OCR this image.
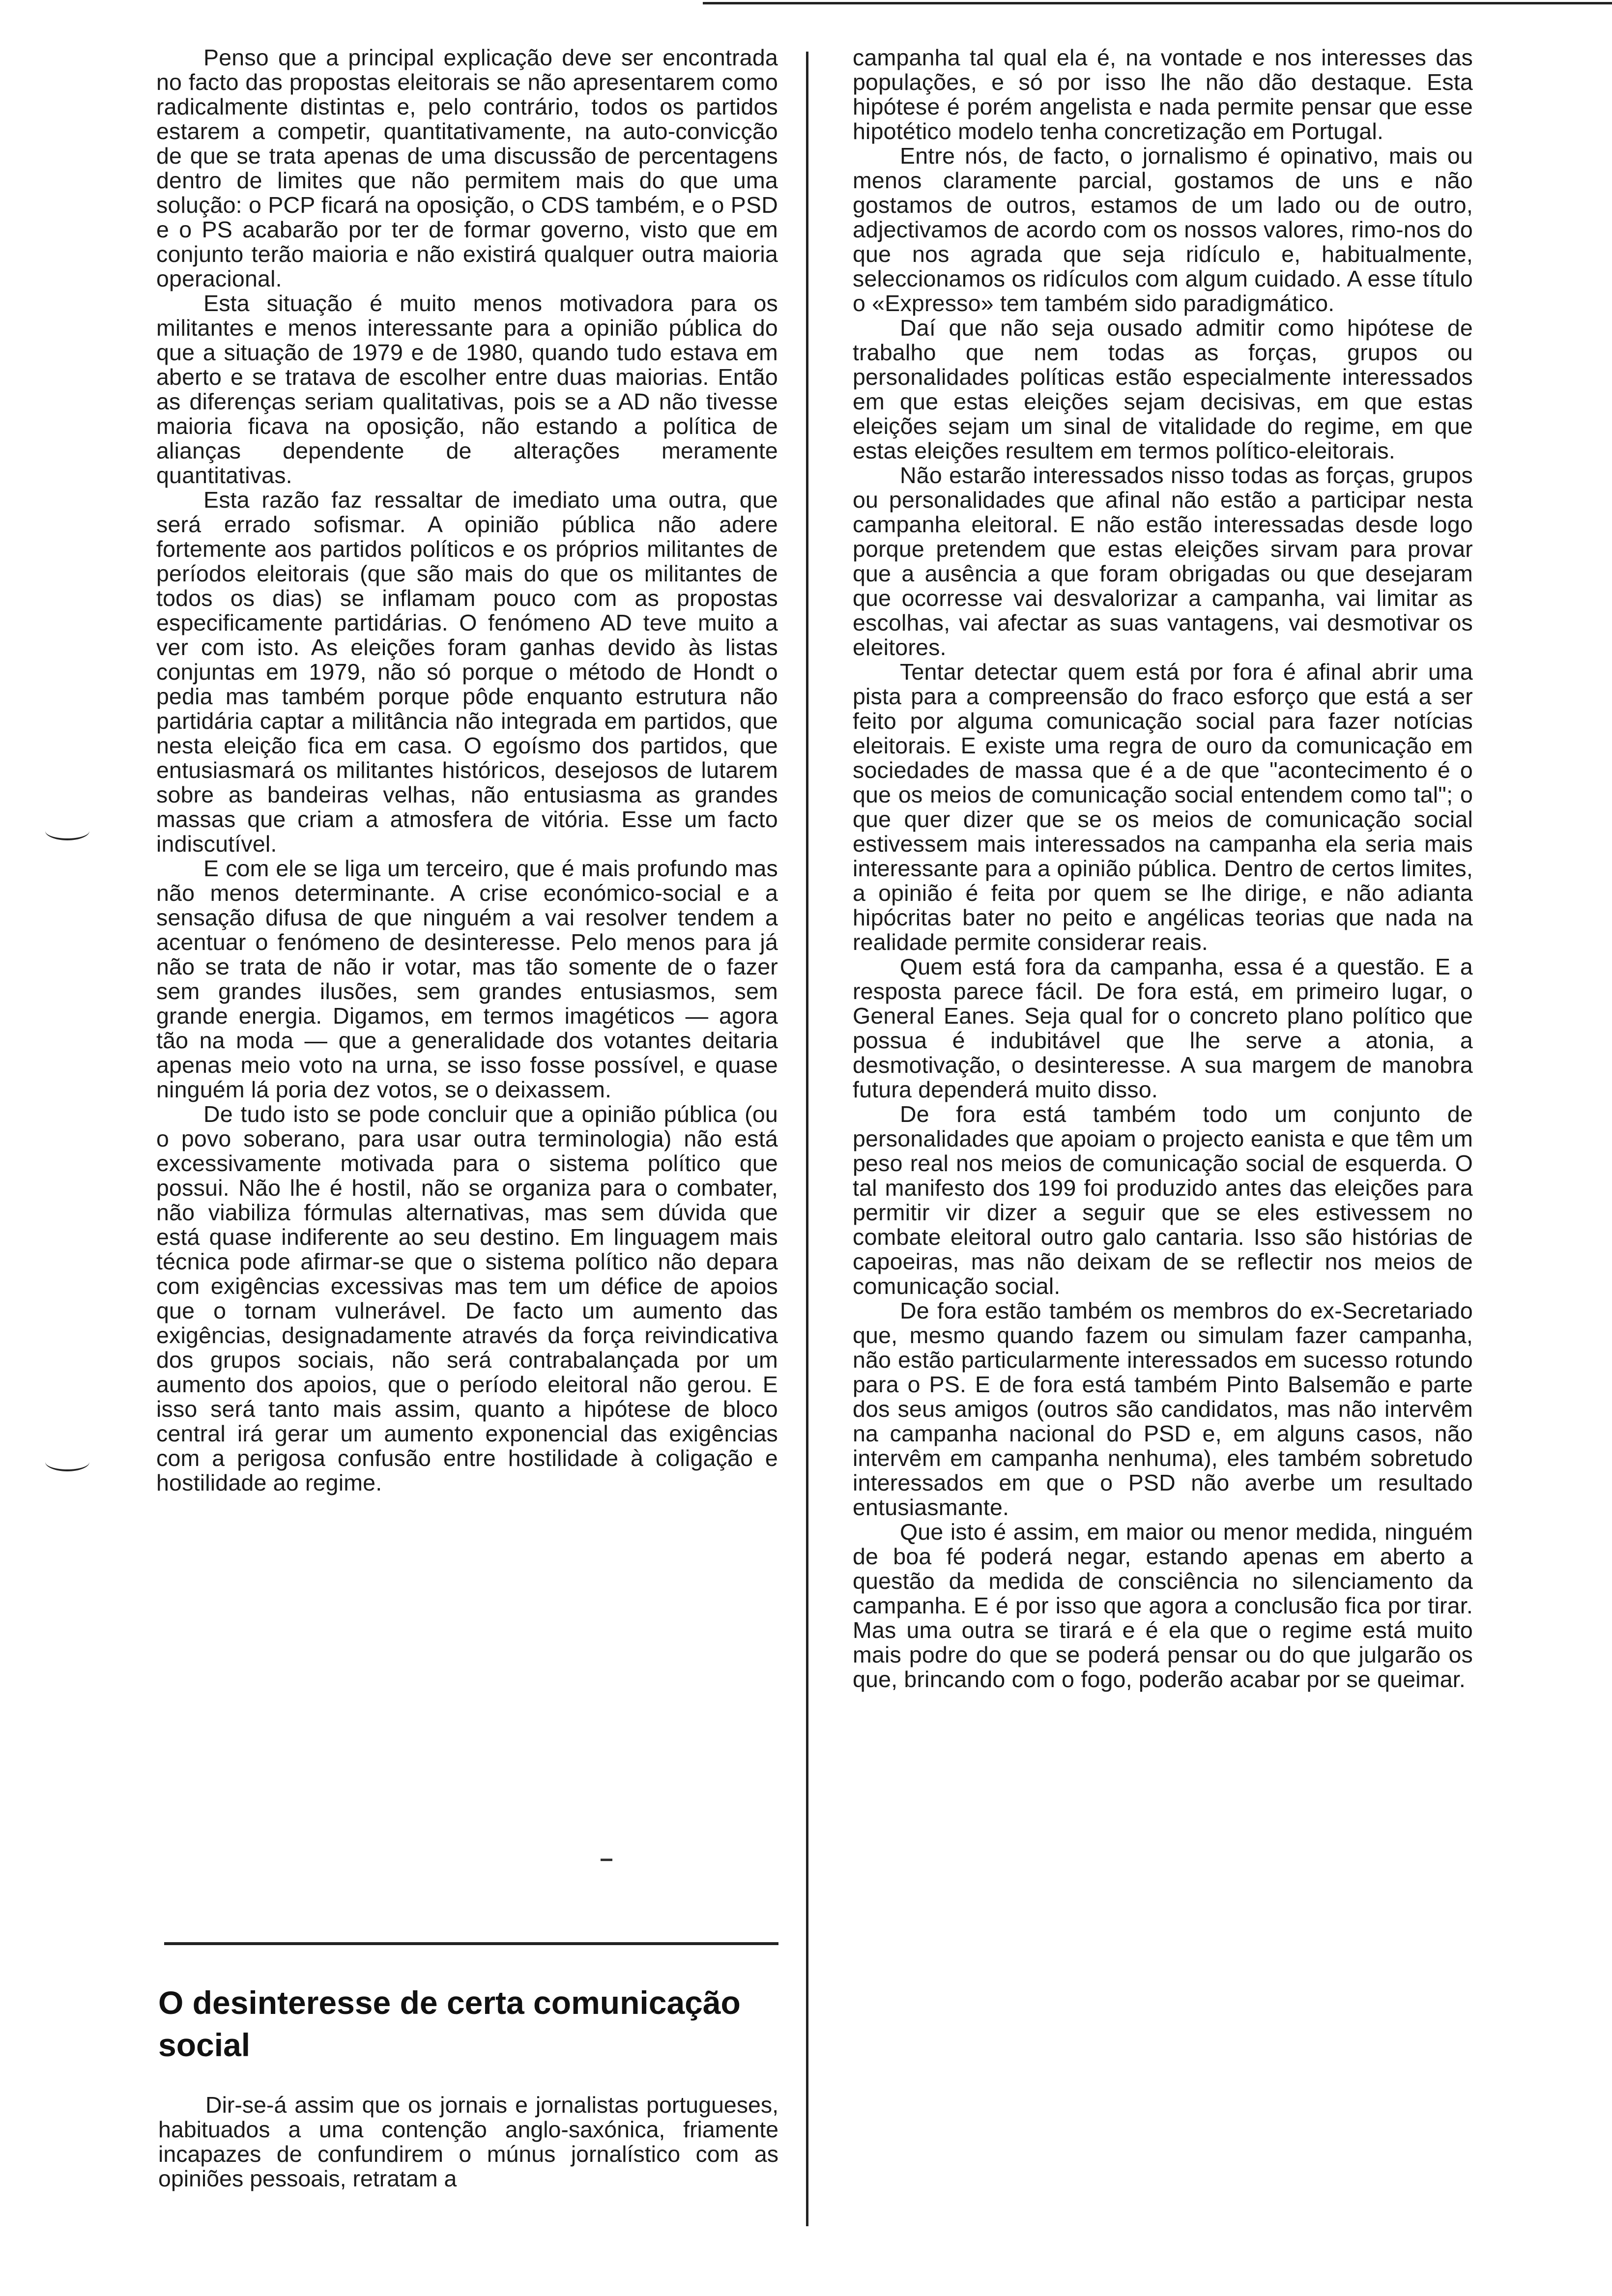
Penso que a principal explicação deve ser encontrada no facto das propostas eleitorais se não apresentarem como radicalmente distintas e, pelo contrário, todos os partidos estarem a competir, quantitativamente, na auto-convicção de que se trata apenas de uma discussão de percentagens dentro de limites que não permitem mais do que uma solução: o PCP ficará na oposição, o CDS também, e o PSD e o PS acabarão por ter de formar governo, visto que em conjunto terão maioria e não existirá qualquer outra maioria operacional.

Esta situação é muito menos motivadora para os militantes e menos interessante para a opinião pública do que a situação de 1979 e de 1980, quando tudo estava em aberto e se tratava de escolher entre duas maiorias. Então as diferenças seriam qualitativas, pois se a AD não tivesse maioria ficava na oposição, não estando a política de alianças dependente de alterações meramente quantitativas.

Esta razão faz ressaltar de imediato uma outra, que será errado sofismar. A opinião pública não adere fortemente aos partidos políticos e os próprios militantes de períodos eleitorais (que são mais do que os militantes de todos os dias) se inflamam pouco com as propostas especificamente partidárias. O fenómeno AD teve muito a ver com isto. As eleições foram ganhas devido às listas conjuntas em 1979, não só porque o método de Hondt o pedia mas também porque pôde enquanto estrutura não partidária captar a militância não integrada em partidos, que nesta eleição fica em casa. O egoísmo dos partidos, que entusiasmará os militantes históricos, desejosos de lutarem sobre as bandeiras velhas, não entusiasma as grandes massas que criam a atmosfera de vitória. Esse um facto indiscutível.

E com ele se liga um terceiro, que é mais profundo mas não menos determinante. A crise económico-social e a sensação difusa de que ninguém a vai resolver tendem a acentuar o fenómeno de desinteresse. Pelo menos para já não se trata de não ir votar, mas tão somente de o fazer sem grandes ilusões, sem grandes entusiasmos, sem grande energia. Digamos, em termos imagéticos — agora tão na moda — que a generalidade dos votantes deitaria apenas meio voto na urna, se isso fosse possível, e quase ninguém lá poria dez votos, se o deixassem.

De tudo isto se pode concluir que a opinião pública (ou o povo soberano, para usar outra terminologia) não está excessivamente motivada para o sistema político que possui. Não lhe é hostil, não se organiza para o combater, não viabiliza fórmulas alternativas, mas sem dúvida que está quase indiferente ao seu destino. Em linguagem mais técnica pode afirmar-se que o sistema político não depara com exigências excessivas mas tem um défice de apoios que o tornam vulnerável. De facto um aumento das exigências, designadamente através da força reivindicativa dos grupos sociais, não será contrabalançada por um aumento dos apoios, que o período eleitoral não gerou. E isso será tanto mais assim, quanto a hipótese de bloco central irá gerar um aumento exponencial das exigências com a perigosa confusão entre hostilidade à coligação e hostilidade ao regime.

O desinteresse de certa comunicação social

Dir-se-á assim que os jornais e jornalistas portugueses, habituados a uma contenção anglo-saxónica, friamente incapazes de confundirem o múnus jornalístico com as opiniões pessoais, retratam a

campanha tal qual ela é, na vontade e nos interesses das populações, e só por isso lhe não dão destaque. Esta hipótese é porém angelista e nada permite pensar que esse hipotético modelo tenha concretização em Portugal.

Entre nós, de facto, o jornalismo é opinativo, mais ou menos claramente parcial, gostamos de uns e não gostamos de outros, estamos de um lado ou de outro, adjectivamos de acordo com os nossos valores, rimo-nos do que nos agrada que seja ridículo e, habitualmente, seleccionamos os ridículos com algum cuidado. A esse título o «Expresso» tem também sido paradigmático.

Daí que não seja ousado admitir como hipótese de trabalho que nem todas as forças, grupos ou personalidades políticas estão especialmente interessados em que estas eleições sejam decisivas, em que estas eleições sejam um sinal de vitalidade do regime, em que estas eleições resultem em termos político-eleitorais.

Não estarão interessados nisso todas as forças, grupos ou personalidades que afinal não estão a participar nesta campanha eleitoral. E não estão interessadas desde logo porque pretendem que estas eleições sirvam para provar que a ausência a que foram obrigadas ou que desejaram que ocorresse vai desvalorizar a campanha, vai limitar as escolhas, vai afectar as suas vantagens, vai desmotivar os eleitores.

Tentar detectar quem está por fora é afinal abrir uma pista para a compreensão do fraco esforço que está a ser feito por alguma comunicação social para fazer notícias eleitorais. E existe uma regra de ouro da comunicação em sociedades de massa que é a de que "acontecimento é o que os meios de comunicação social entendem como tal"; o que quer dizer que se os meios de comunicação social estivessem mais interessados na campanha ela seria mais interessante para a opinião pública. Dentro de certos limites, a opinião é feita por quem se lhe dirige, e não adianta hipócritas bater no peito e angélicas teorias que nada na realidade permite considerar reais.

Quem está fora da campanha, essa é a questão. E a resposta parece fácil. De fora está, em primeiro lugar, o General Eanes. Seja qual for o concreto plano político que possua é indubitável que lhe serve a atonia, a desmotivação, o desinteresse. A sua margem de manobra futura dependerá muito disso.

De fora está também todo um conjunto de personalidades que apoiam o projecto eanista e que têm um peso real nos meios de comunicação social de esquerda. O tal manifesto dos 199 foi produzido antes das eleições para permitir vir dizer a seguir que se eles estivessem no combate eleitoral outro galo cantaria. Isso são histórias de capoeiras, mas não deixam de se reflectir nos meios de comunicação social.

De fora estão também os membros do ex-Secretariado que, mesmo quando fazem ou simulam fazer campanha, não estão particularmente interessados em sucesso rotundo para o PS. E de fora está também Pinto Balsemão e parte dos seus amigos (outros são candidatos, mas não intervêm na campanha nacional do PSD e, em alguns casos, não intervêm em campanha nenhuma), eles também sobretudo interessados em que o PSD não averbe um resultado entusiasmante.

Que isto é assim, em maior ou menor medida, ninguém de boa fé poderá negar, estando apenas em aberto a questão da medida de consciência no silenciamento da campanha. E é por isso que agora a conclusão fica por tirar. Mas uma outra se tirará e é ela que o regime está muito mais podre do que se poderá pensar ou do que julgarão os que, brincando com o fogo, poderão acabar por se queimar.
